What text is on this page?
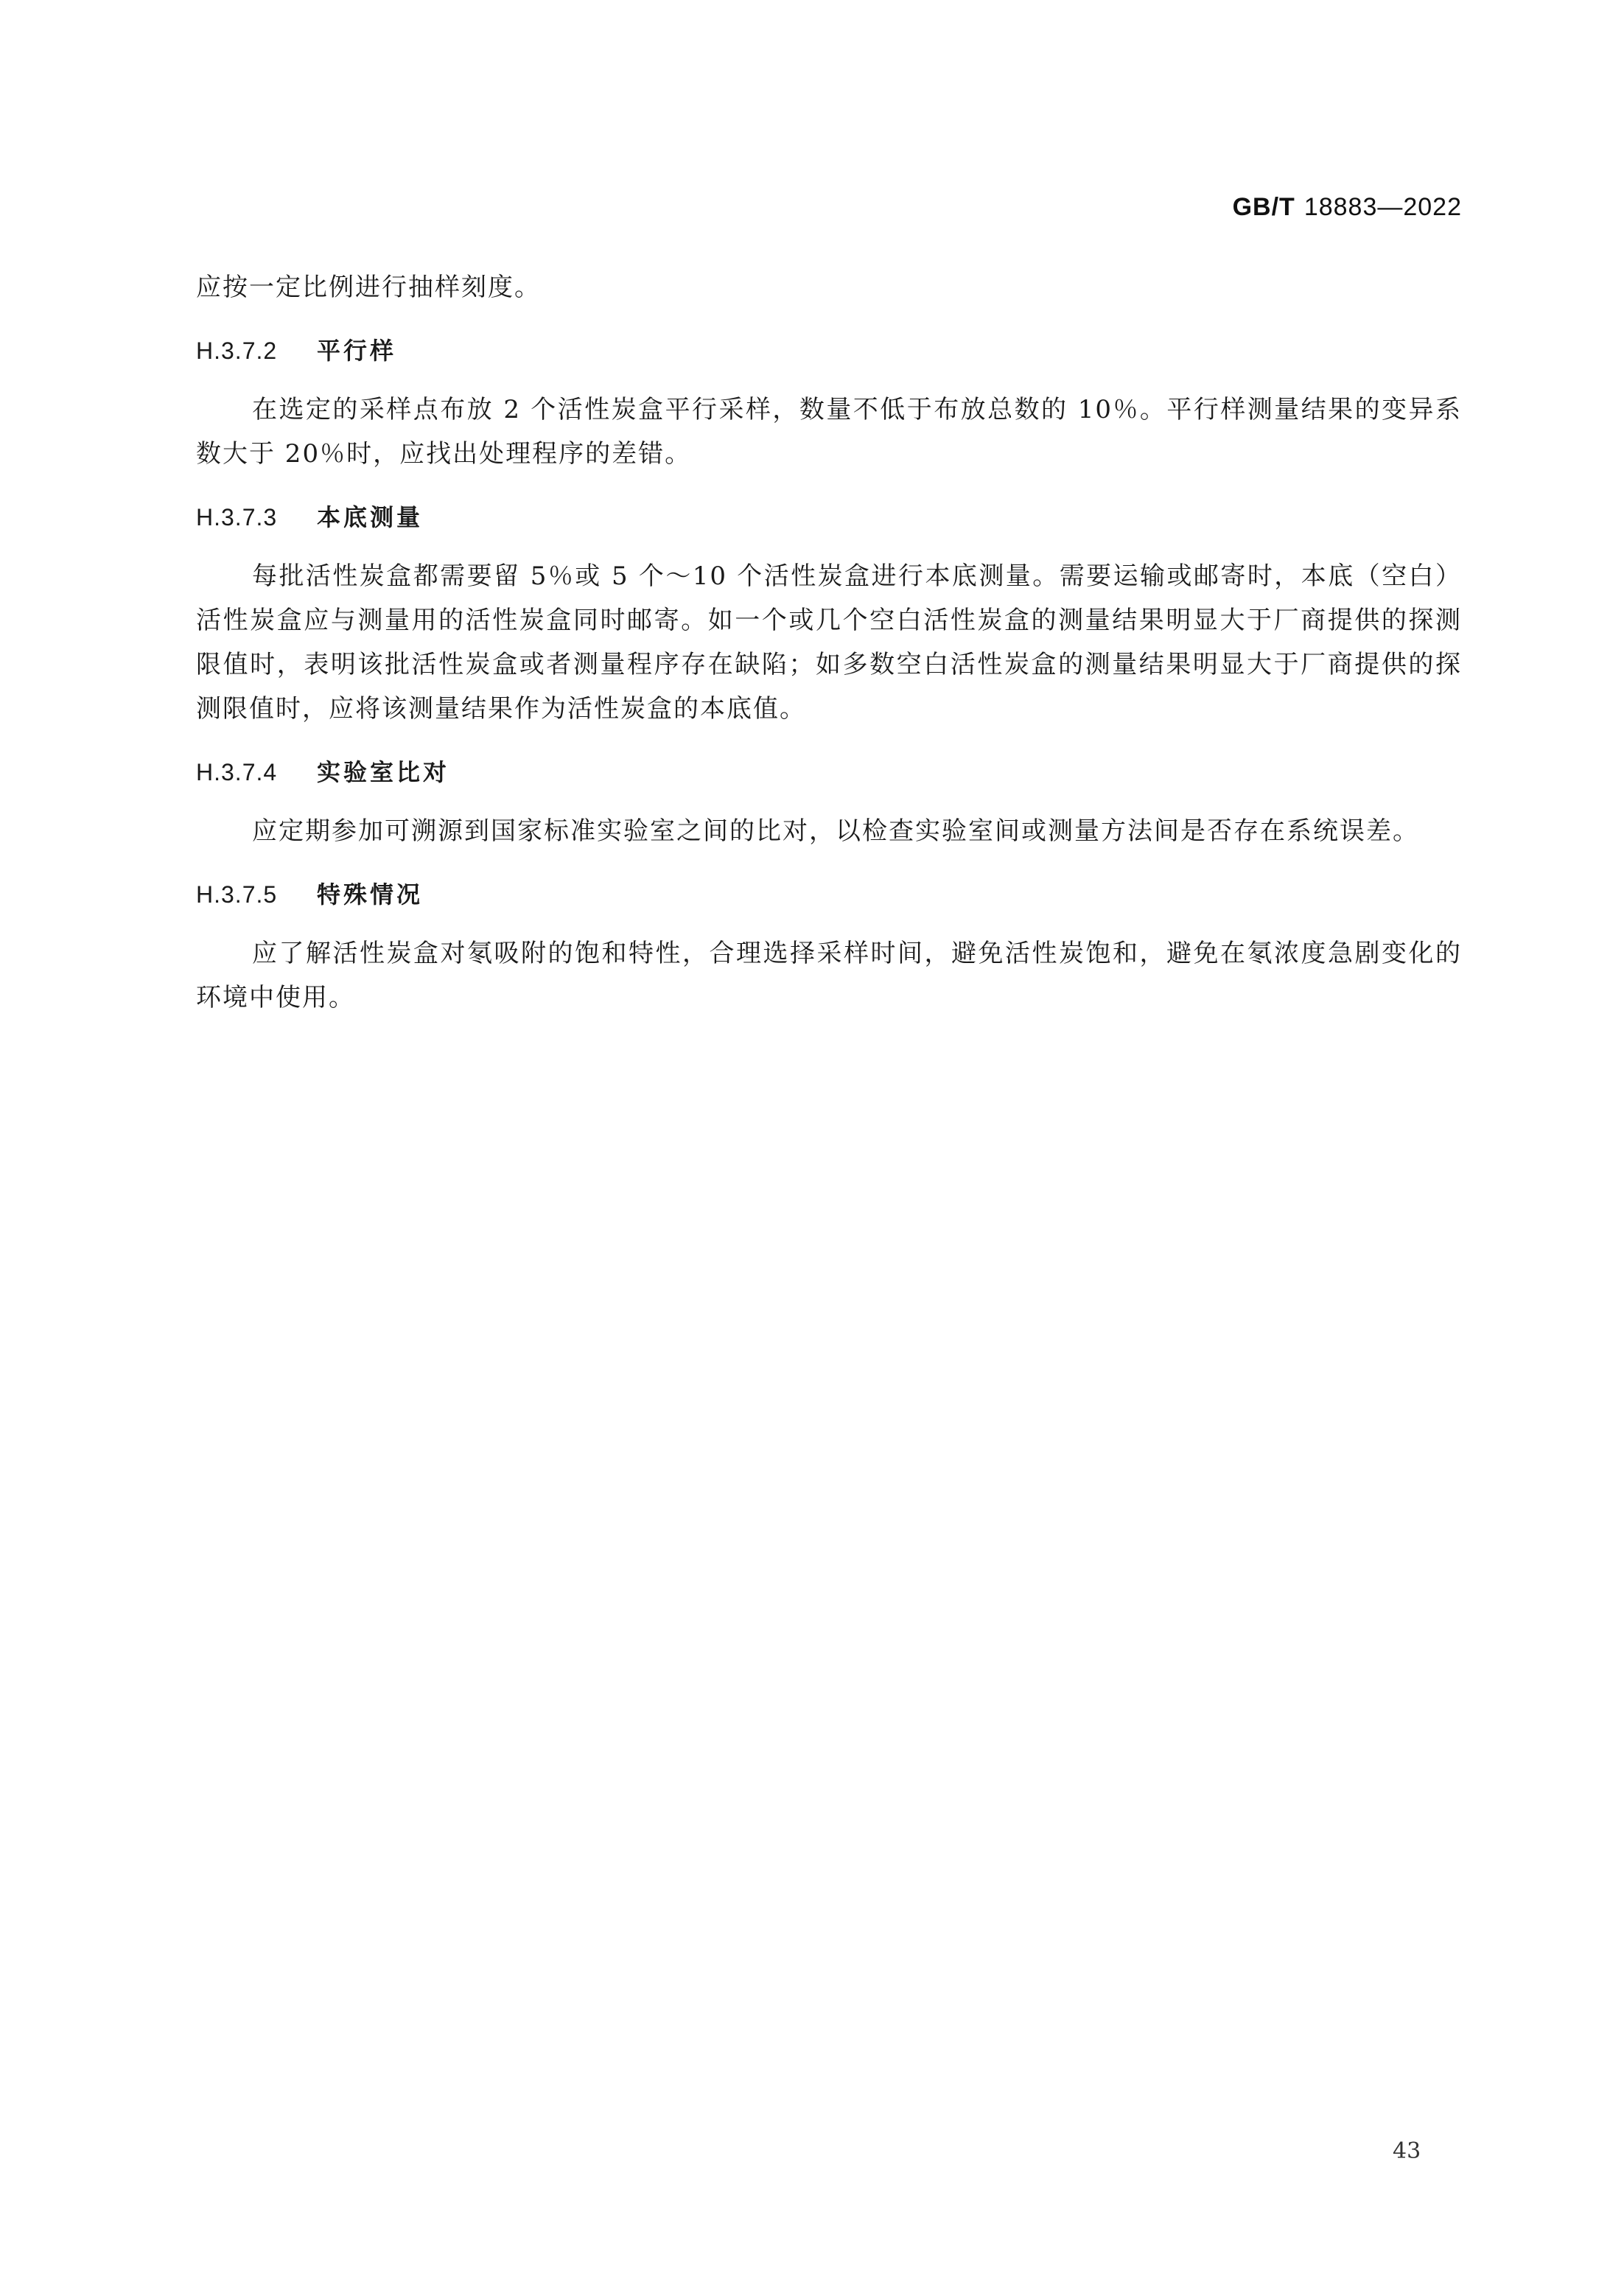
GB/T 18883—2022

应按一定比例进行抽样刻度。

H.3.7.2 平行样

在选定的采样点布放 2 个活性炭盒平行采样，数量不低于布放总数的 10％。平行样测量结果的变异系数大于 20％时，应找出处理程序的差错。

H.3.7.3 本底测量

每批活性炭盒都需要留 5％或 5 个～10 个活性炭盒进行本底测量。需要运输或邮寄时，本底（空白）活性炭盒应与测量用的活性炭盒同时邮寄。如一个或几个空白活性炭盒的测量结果明显大于厂商提供的探测限值时，表明该批活性炭盒或者测量程序存在缺陷；如多数空白活性炭盒的测量结果明显大于厂商提供的探测限值时，应将该测量结果作为活性炭盒的本底值。

H.3.7.4 实验室比对

应定期参加可溯源到国家标准实验室之间的比对，以检查实验室间或测量方法间是否存在系统误差。

H.3.7.5 特殊情况

应了解活性炭盒对氡吸附的饱和特性，合理选择采样时间，避免活性炭饱和，避免在氡浓度急剧变化的环境中使用。

43
